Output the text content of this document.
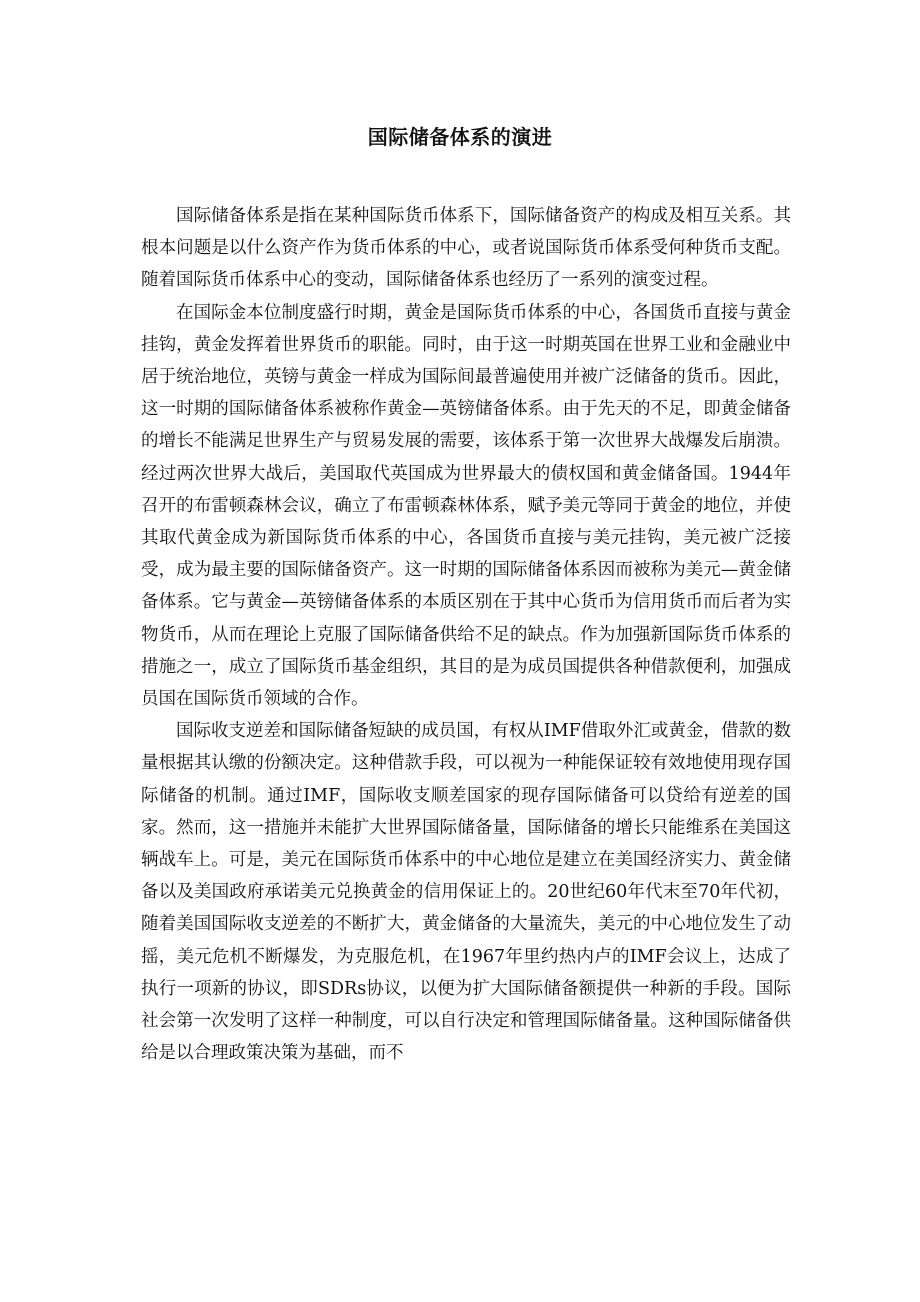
国际储备体系的演进

国际储备体系是指在某种国际货币体系下，国际储备资产的构成及相互关系。其根本问题是以什么资产作为货币体系的中心，或者说国际货币体系受何种货币支配。随着国际货币体系中心的变动，国际储备体系也经历了一系列的演变过程。

在国际金本位制度盛行时期，黄金是国际货币体系的中心，各国货币直接与黄金挂钩，黄金发挥着世界货币的职能。同时，由于这一时期英国在世界工业和金融业中居于统治地位，英镑与黄金一样成为国际间最普遍使用并被广泛储备的货币。因此，这一时期的国际储备体系被称作黄金—英镑储备体系。由于先天的不足，即黄金储备的增长不能满足世界生产与贸易发展的需要，该体系于第一次世界大战爆发后崩溃。经过两次世界大战后，美国取代英国成为世界最大的债权国和黄金储备国。1944年召开的布雷顿森林会议，确立了布雷顿森林体系，赋予美元等同于黄金的地位，并使其取代黄金成为新国际货币体系的中心，各国货币直接与美元挂钩，美元被广泛接受，成为最主要的国际储备资产。这一时期的国际储备体系因而被称为美元—黄金储备体系。它与黄金—英镑储备体系的本质区别在于其中心货币为信用货币而后者为实物货币，从而在理论上克服了国际储备供给不足的缺点。作为加强新国际货币体系的措施之一，成立了国际货币基金组织，其目的是为成员国提供各种借款便利，加强成员国在国际货币领域的合作。

国际收支逆差和国际储备短缺的成员国，有权从IMF借取外汇或黄金，借款的数量根据其认缴的份额决定。这种借款手段，可以视为一种能保证较有效地使用现存国际储备的机制。通过IMF，国际收支顺差国家的现存国际储备可以贷给有逆差的国家。然而，这一措施并未能扩大世界国际储备量，国际储备的增长只能维系在美国这辆战车上。可是，美元在国际货币体系中的中心地位是建立在美国经济实力、黄金储备以及美国政府承诺美元兑换黄金的信用保证上的。20世纪60年代末至70年代初，随着美国国际收支逆差的不断扩大，黄金储备的大量流失，美元的中心地位发生了动摇，美元危机不断爆发，为克服危机，在1967年里约热内卢的IMF会议上，达成了执行一项新的协议，即SDRs协议，以便为扩大国际储备额提供一种新的手段。国际社会第一次发明了这样一种制度，可以自行决定和管理国际储备量。这种国际储备供给是以合理政策决策为基础，而不
